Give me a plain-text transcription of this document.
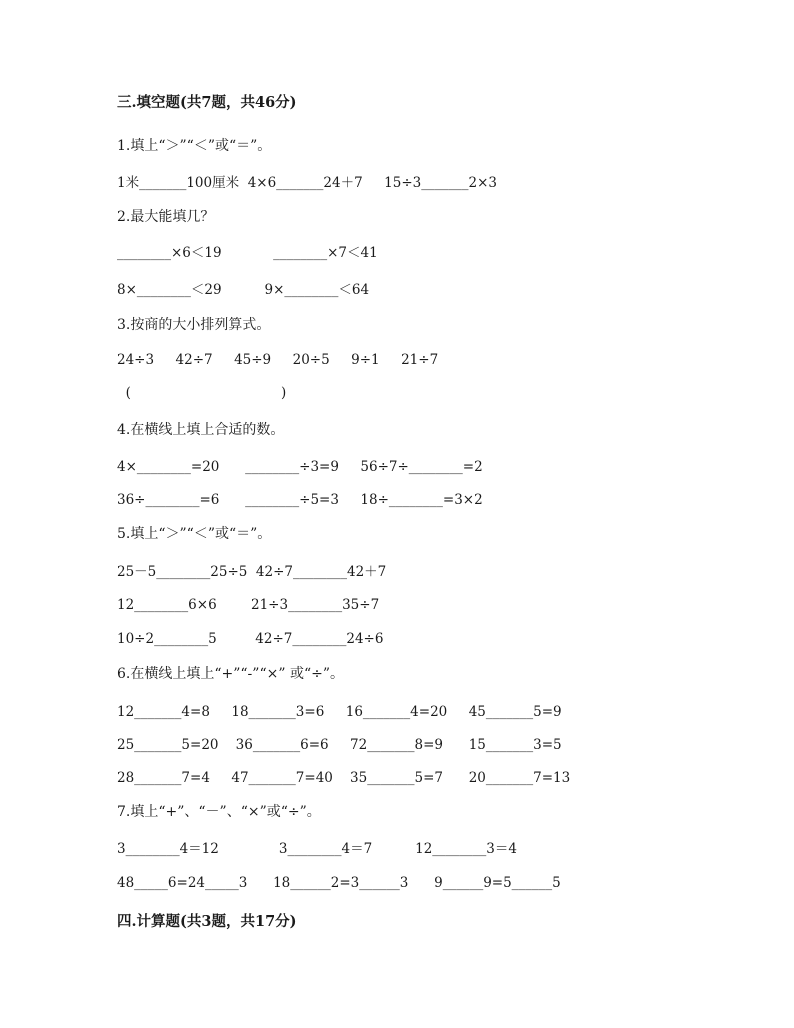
三.填空题(共7题，共46分)
1.填上“＞”“＜”或“＝”。
1米_______100厘米  4×6_______24＋7     15÷3_______2×3
2.最大能填几？
________×6＜19            ________×7＜41
8×________＜29          9×________＜64
3.按商的大小排列算式。
24÷3     42÷7     45÷9     20÷5     9÷1     21÷7
(                                   )
4.在横线上填上合适的数。
4×________=20      ________÷3=9     56÷7÷________=2
36÷________=6      ________÷5=3     18÷________=3×2
5.填上“＞”“＜”或“＝”。
25－5________25÷5  42÷7________42＋7
12________6×6        21÷3________35÷7
10÷2________5         42÷7________24÷6
6.在横线上填上“+”“-”“×” 或“÷”。
12_______4=8     18_______3=6     16_______4=20     45_______5=9
25_______5=20    36_______6=6     72_______8=9      15_______3=5
28_______7=4     47_______7=40    35_______5=7      20_______7=13
7.填上“+”、“－”、“×”或“÷”。
3________4＝12              3________4＝7          12________3＝4
48_____6=24_____3      18______2=3______3      9______9=5______5
四.计算题(共3题，共17分)
